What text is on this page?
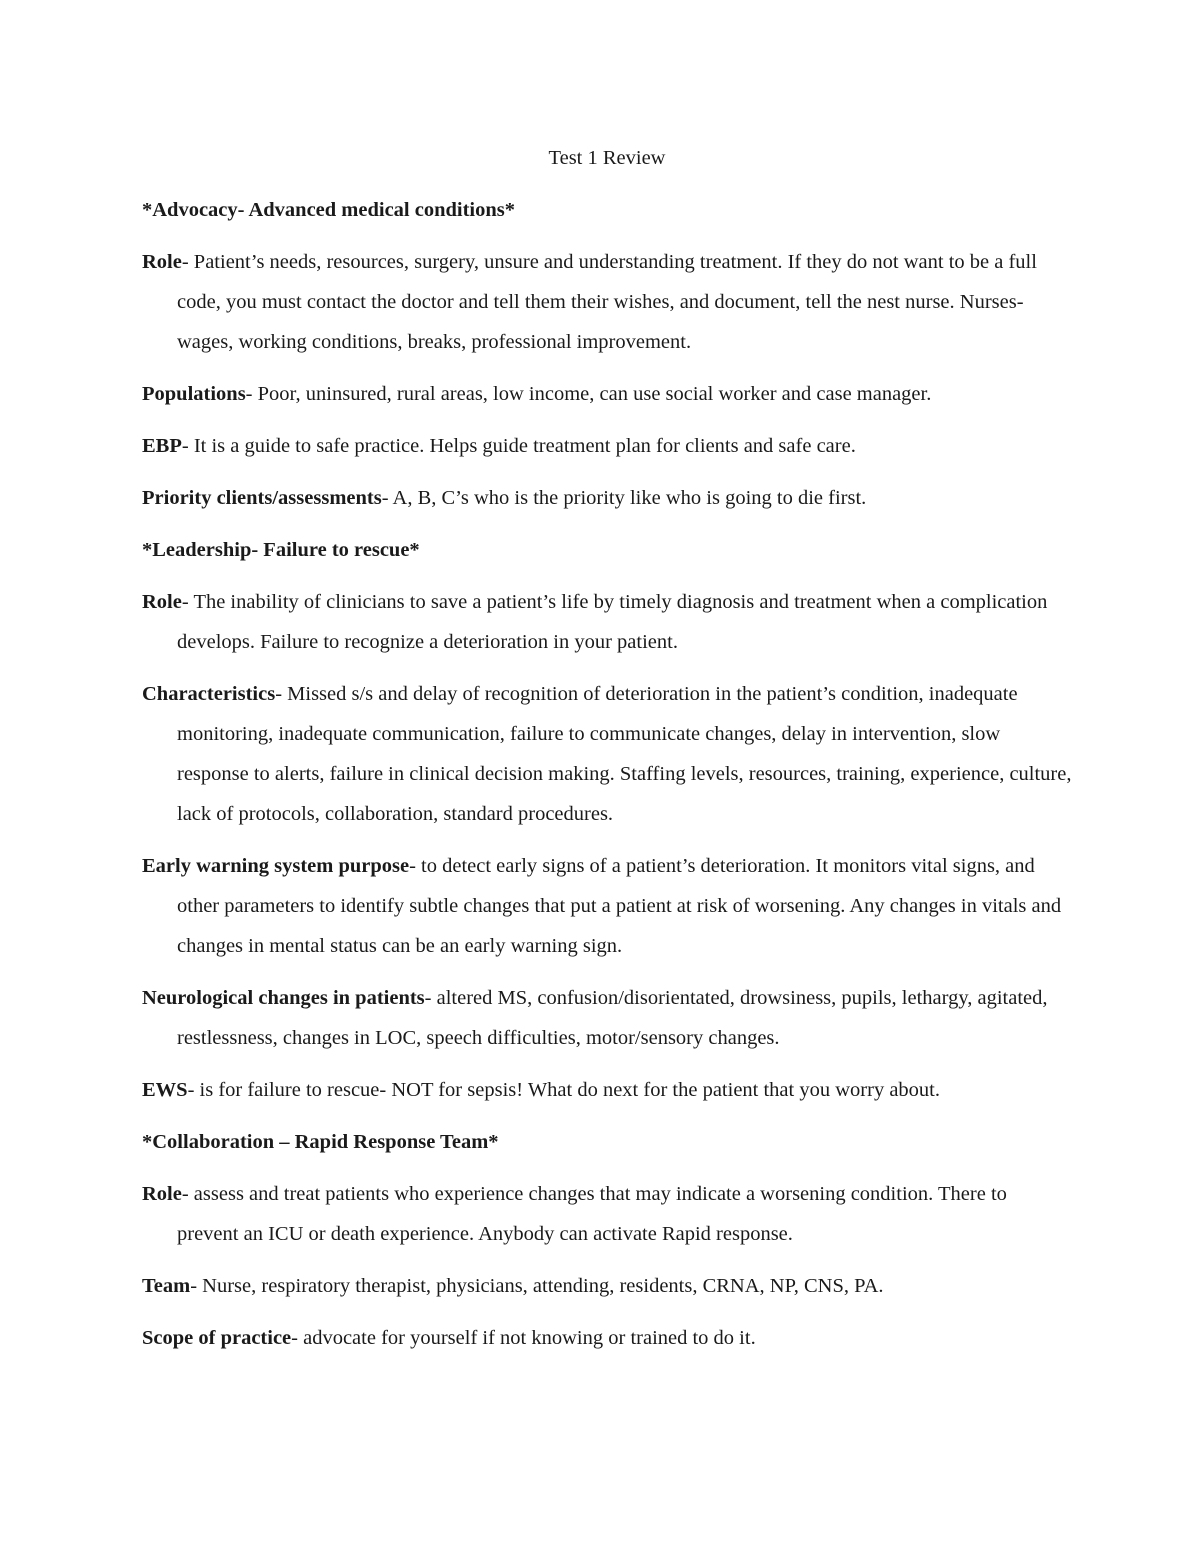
Test 1 Review
*Advocacy- Advanced medical conditions*
Role- Patient’s needs, resources, surgery, unsure and understanding treatment. If they do not want to be a full code, you must contact the doctor and tell them their wishes, and document, tell the nest nurse. Nurses- wages, working conditions, breaks, professional improvement.
Populations- Poor, uninsured, rural areas, low income, can use social worker and case manager.
EBP- It is a guide to safe practice. Helps guide treatment plan for clients and safe care.
Priority clients/assessments- A, B, C’s who is the priority like who is going to die first.
*Leadership- Failure to rescue*
Role- The inability of clinicians to save a patient’s life by timely diagnosis and treatment when a complication develops. Failure to recognize a deterioration in your patient.
Characteristics- Missed s/s and delay of recognition of deterioration in the patient’s condition, inadequate monitoring, inadequate communication, failure to communicate changes, delay in intervention, slow response to alerts, failure in clinical decision making. Staffing levels, resources, training, experience, culture, lack of protocols, collaboration, standard procedures.
Early warning system purpose- to detect early signs of a patient’s deterioration. It monitors vital signs, and other parameters to identify subtle changes that put a patient at risk of worsening. Any changes in vitals and changes in mental status can be an early warning sign.
Neurological changes in patients- altered MS, confusion/disorientated, drowsiness, pupils, lethargy, agitated, restlessness, changes in LOC, speech difficulties, motor/sensory changes.
EWS- is for failure to rescue- NOT for sepsis! What do next for the patient that you worry about.
*Collaboration – Rapid Response Team*
Role- assess and treat patients who experience changes that may indicate a worsening condition. There to prevent an ICU or death experience. Anybody can activate Rapid response.
Team- Nurse, respiratory therapist, physicians, attending, residents, CRNA, NP, CNS, PA.
Scope of practice- advocate for yourself if not knowing or trained to do it.
